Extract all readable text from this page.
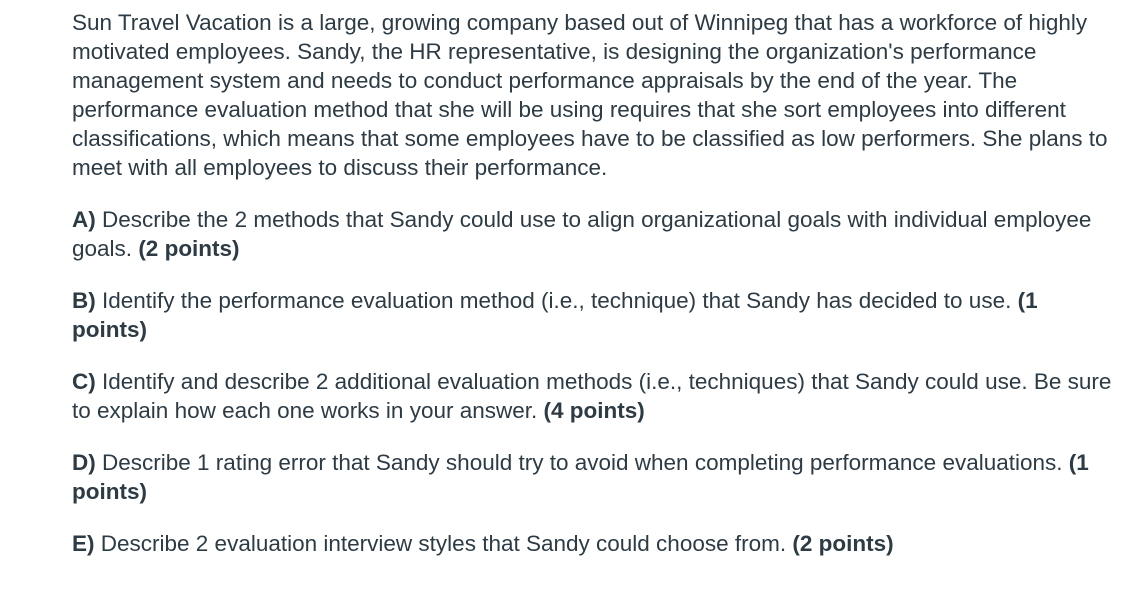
Sun Travel Vacation is a large, growing company based out of Winnipeg that has a workforce of highly motivated employees. Sandy, the HR representative, is designing the organization's performance management system and needs to conduct performance appraisals by the end of the year. The performance evaluation method that she will be using requires that she sort employees into different classifications, which means that some employees have to be classified as low performers. She plans to meet with all employees to discuss their performance.

A) Describe the 2 methods that Sandy could use to align organizational goals with individual employee goals. (2 points)

B) Identify the performance evaluation method (i.e., technique) that Sandy has decided to use. (1 points)

C) Identify and describe 2 additional evaluation methods (i.e., techniques) that Sandy could use. Be sure to explain how each one works in your answer. (4 points)

D) Describe 1 rating error that Sandy should try to avoid when completing performance evaluations. (1 points)

E) Describe 2 evaluation interview styles that Sandy could choose from. (2 points)
